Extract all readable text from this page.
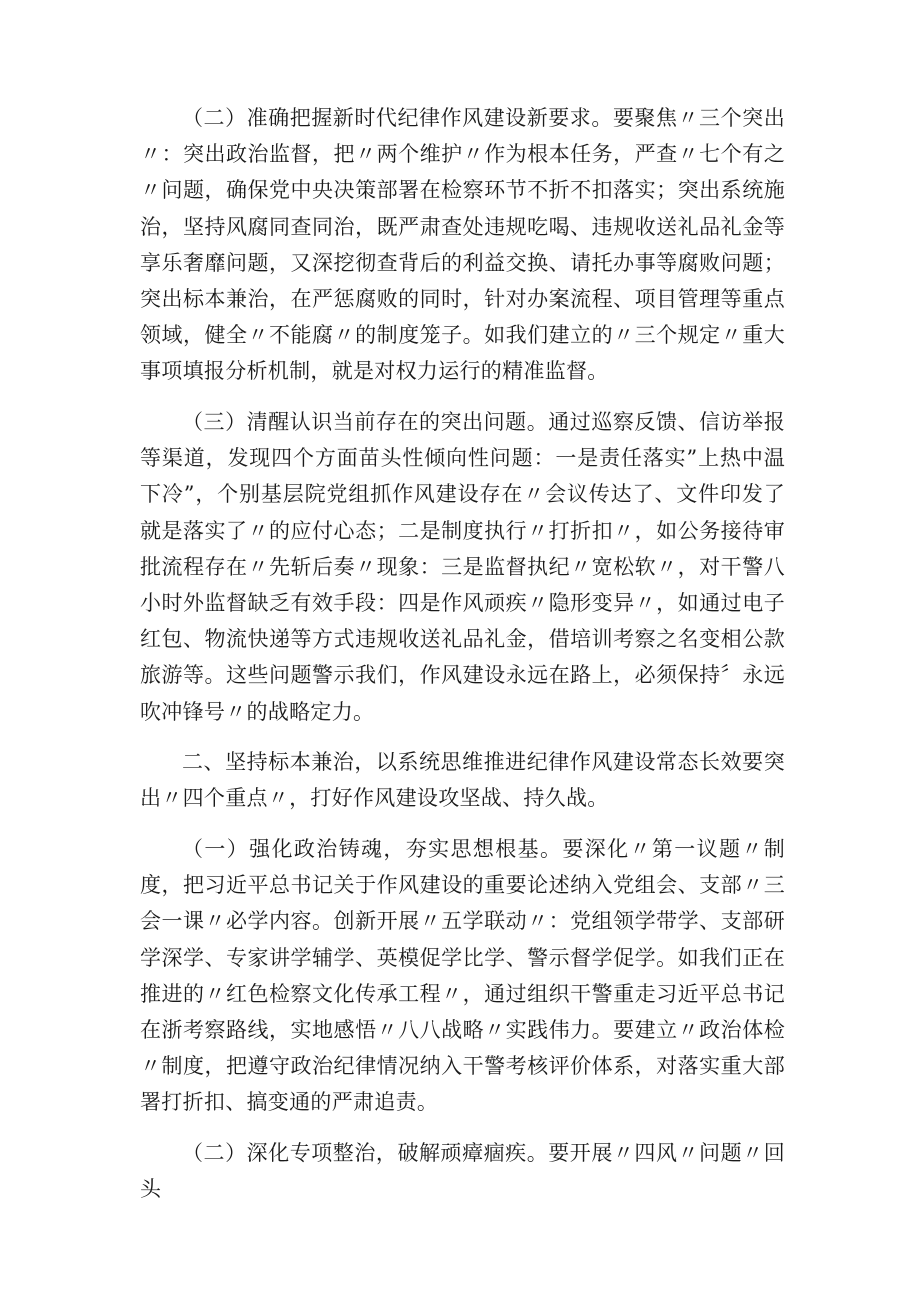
（二）准确把握新时代纪律作风建设新要求。要聚焦〃三个突出〃：突出政治监督，把〃两个维护〃作为根本任务，严查〃七个有之〃问题，确保党中央决策部署在检察环节不折不扣落实；突出系统施治，坚持风腐同查同治，既严肃查处违规吃喝、违规收送礼品礼金等享乐奢靡问题，又深挖彻查背后的利益交换、请托办事等腐败问题；突出标本兼治，在严惩腐败的同时，针对办案流程、项目管理等重点领域，健全〃不能腐〃的制度笼子。如我们建立的〃三个规定〃重大事项填报分析机制，就是对权力运行的精准监督。

（三）清醒认识当前存在的突出问题。通过巡察反馈、信访举报等渠道，发现四个方面苗头性倾向性问题：一是责任落实”上热中温下冷”，个别基层院党组抓作风建设存在〃会议传达了、文件印发了就是落实了〃的应付心态；二是制度执行〃打折扣〃，如公务接待审批流程存在〃先斩后奏〃现象：三是监督执纪〃宽松软〃，对干警八小时外监督缺乏有效手段：四是作风顽疾〃隐形变异〃，如通过电子红包、物流快递等方式违规收送礼品礼金，借培训考察之名变相公款旅游等。这些问题警示我们，作风建设永远在路上，必须保持〞永远吹冲锋号〃的战略定力。

二、坚持标本兼治，以系统思维推进纪律作风建设常态长效要突出〃四个重点〃，打好作风建设攻坚战、持久战。

（一）强化政治铸魂，夯实思想根基。要深化〃第一议题〃制度，把习近平总书记关于作风建设的重要论述纳入党组会、支部〃三会一课〃必学内容。创新开展〃五学联动〃：党组领学带学、支部研学深学、专家讲学辅学、英模促学比学、警示督学促学。如我们正在推进的〃红色检察文化传承工程〃，通过组织干警重走习近平总书记在浙考察路线，实地感悟〃八八战略〃实践伟力。要建立〃政治体检〃制度，把遵守政治纪律情况纳入干警考核评价体系，对落实重大部署打折扣、搞变通的严肃追责。

（二）深化专项整治，破解顽瘴痼疾。要开展〃四风〃问题〃回头
